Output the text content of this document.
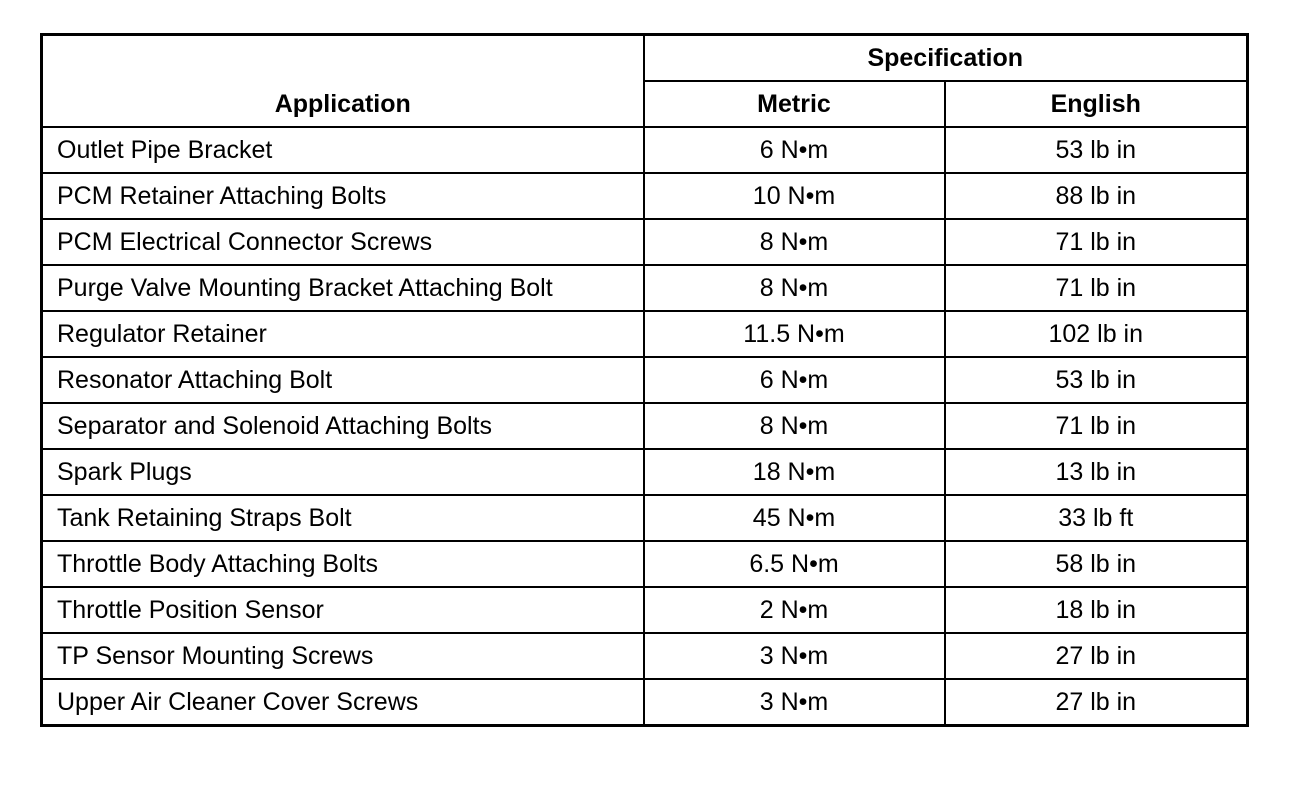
Application	Specification	
	Metric	English
Outlet Pipe Bracket	6 N•m	53 lb in
PCM Retainer Attaching Bolts	10 N•m	88 lb in
PCM Electrical Connector Screws	8 N•m	71 lb in
Purge Valve Mounting Bracket Attaching Bolt	8 N•m	71 lb in
Regulator Retainer	11.5 N•m	102 lb in
Resonator Attaching Bolt	6 N•m	53 lb in
Separator and Solenoid Attaching Bolts	8 N•m	71 lb in
Spark Plugs	18 N•m	13 lb in
Tank Retaining Straps Bolt	45 N•m	33 lb ft
Throttle Body Attaching Bolts	6.5 N•m	58 lb in
Throttle Position Sensor	2 N•m	18 lb in
TP Sensor Mounting Screws	3 N•m	27 lb in
Upper Air Cleaner Cover Screws	3 N•m	27 lb in
